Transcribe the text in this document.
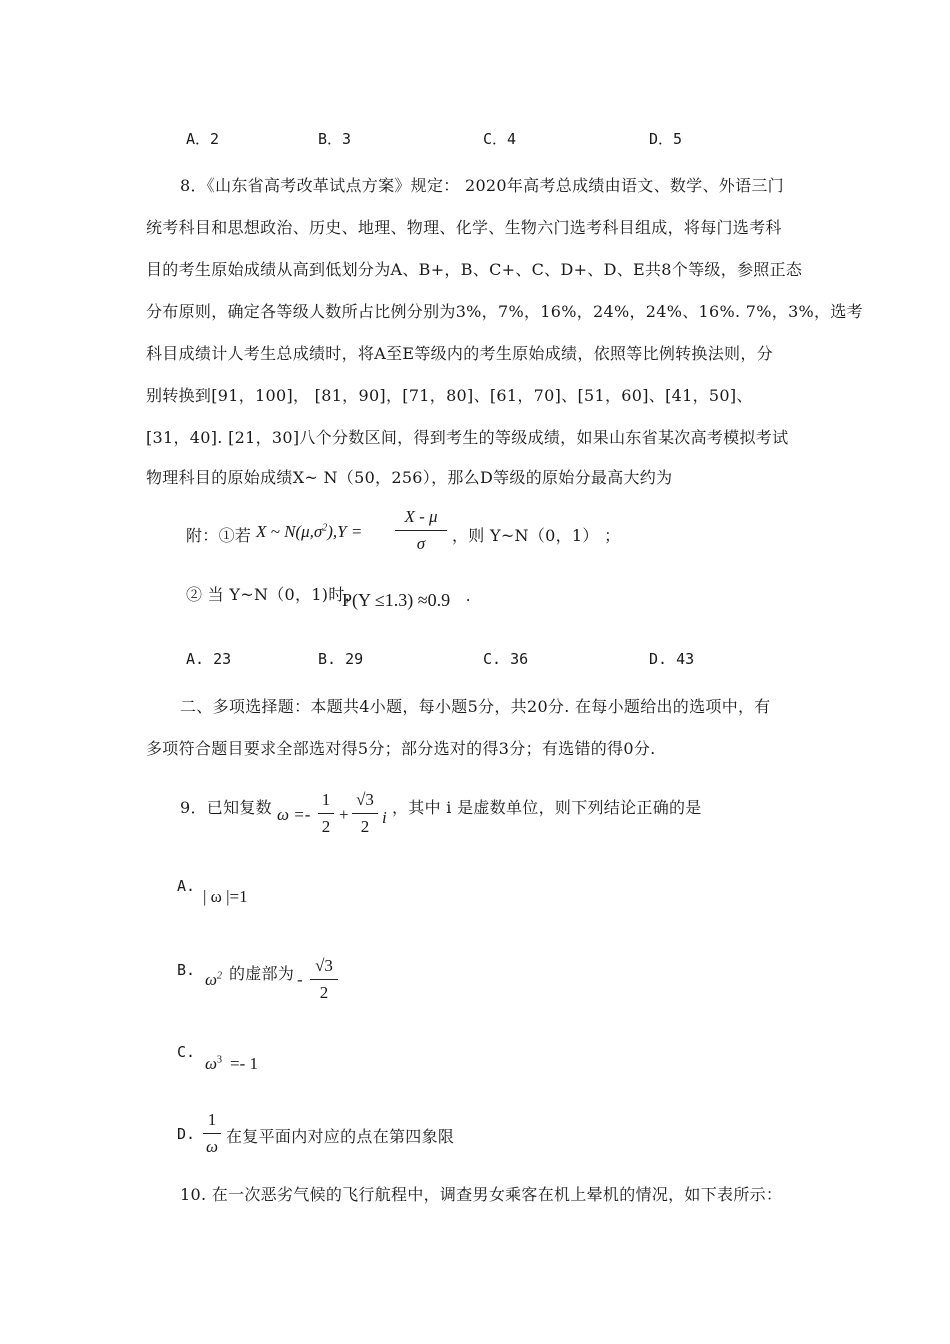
A．2	B．3	C．4	D．5
8．《山东省高考改革试点方案》规定： 2020年高考总成绩由语文、数学、外语三门
统考科目和思想政治、历史、地理、物理、化学、生物六门选考科目组成，将每门选考科
目的考生原始成绩从高到低划分为A、B+，B、C+、C、D+、D、E共8个等级，参照正态
分布原则，确定各等级人数所占比例分别为3%，7%，16%，24%，24%、16%. 7%，3%，选考
科目成绩计人考生总成绩时，将A至E等级内的考生原始成绩，依照等比例转换法则，分
别转换到[91，100]， [81，90]，[71，80]、[61，70]、[51，60]、[41，50]、
[31，40]. [21，30]八个分数区间，得到考生的等级成绩，如果山东省某次高考模拟考试
物理科目的原始成绩X~ N（50，256），那么D等级的原始分最高大约为
附：①若 X ~ $N(\mu,\sigma^2),Y$ =
X - μ
σ	，则 Y~N（0，1） ；
② 当 Y~N（0，1)时，
P(Y ≤1.3) ≈0.9 .
A. 23	B. 29	C. 36	D. 43
二、多项选择题：本题共4小题，每小题5分，共20分. 在每小题给出的选项中，有
多项符合题目要求全部选对得5分；部分选对的得3分；有选错的得0分.
9．已知复数 ω =-
1
2
+
√3
2 i
，其中 i 是虚数单位，则下列结论正确的是
A.
| ω |=1
B. $\omega^2$ 的虚部为 -
√3
2
C.
$\omega^3 =- 1$
D.
1
ω
在复平面内对应的点在第四象限
10. 在一次恶劣气候的飞行航程中，调查男女乘客在机上晕机的情况，如下表所示：
